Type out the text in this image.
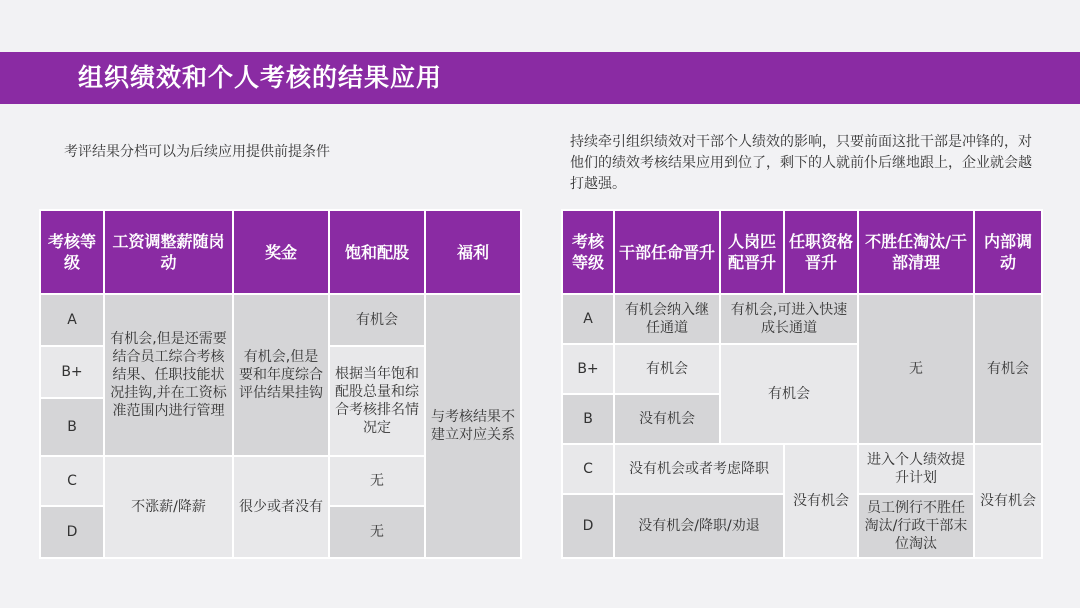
组织绩效和个人考核的结果应用
考评结果分档可以为后续应用提供前提条件
持续牵引组织绩效对干部个人绩效的影响，只要前面这批干部是冲锋的，对他们的绩效考核结果应用到位了，剩下的人就前仆后继地跟上，企业就会越打越强。
考核等级	工资调整薪随岗动	奖金	饱和配股	福利
A	有机会,但是还需要结合员工综合考核结果、任职技能状况挂钩,并在工资标准范围内进行管理	有机会,但是要和年度综合评估结果挂钩	有机会	与考核结果不建立对应关系
B+			根据当年饱和配股总量和综合考核排名情况定	
B				
C	不涨薪/降薪	很少或者没有	无	
D			无	
考核等级	干部任命晋升	人岗匹配晋升	任职资格晋升	不胜任淘汰/干部清理	内部调动
A	有机会纳入继任通道	有机会,可进入快速成长通道		无	有机会
B+	有机会	有机会			
B	没有机会				
C	没有机会或者考虑降职		没有机会	进入个人绩效提升计划	没有机会
D	没有机会/降职/劝退			员工例行不胜任淘汰/行政干部末位淘汰	
